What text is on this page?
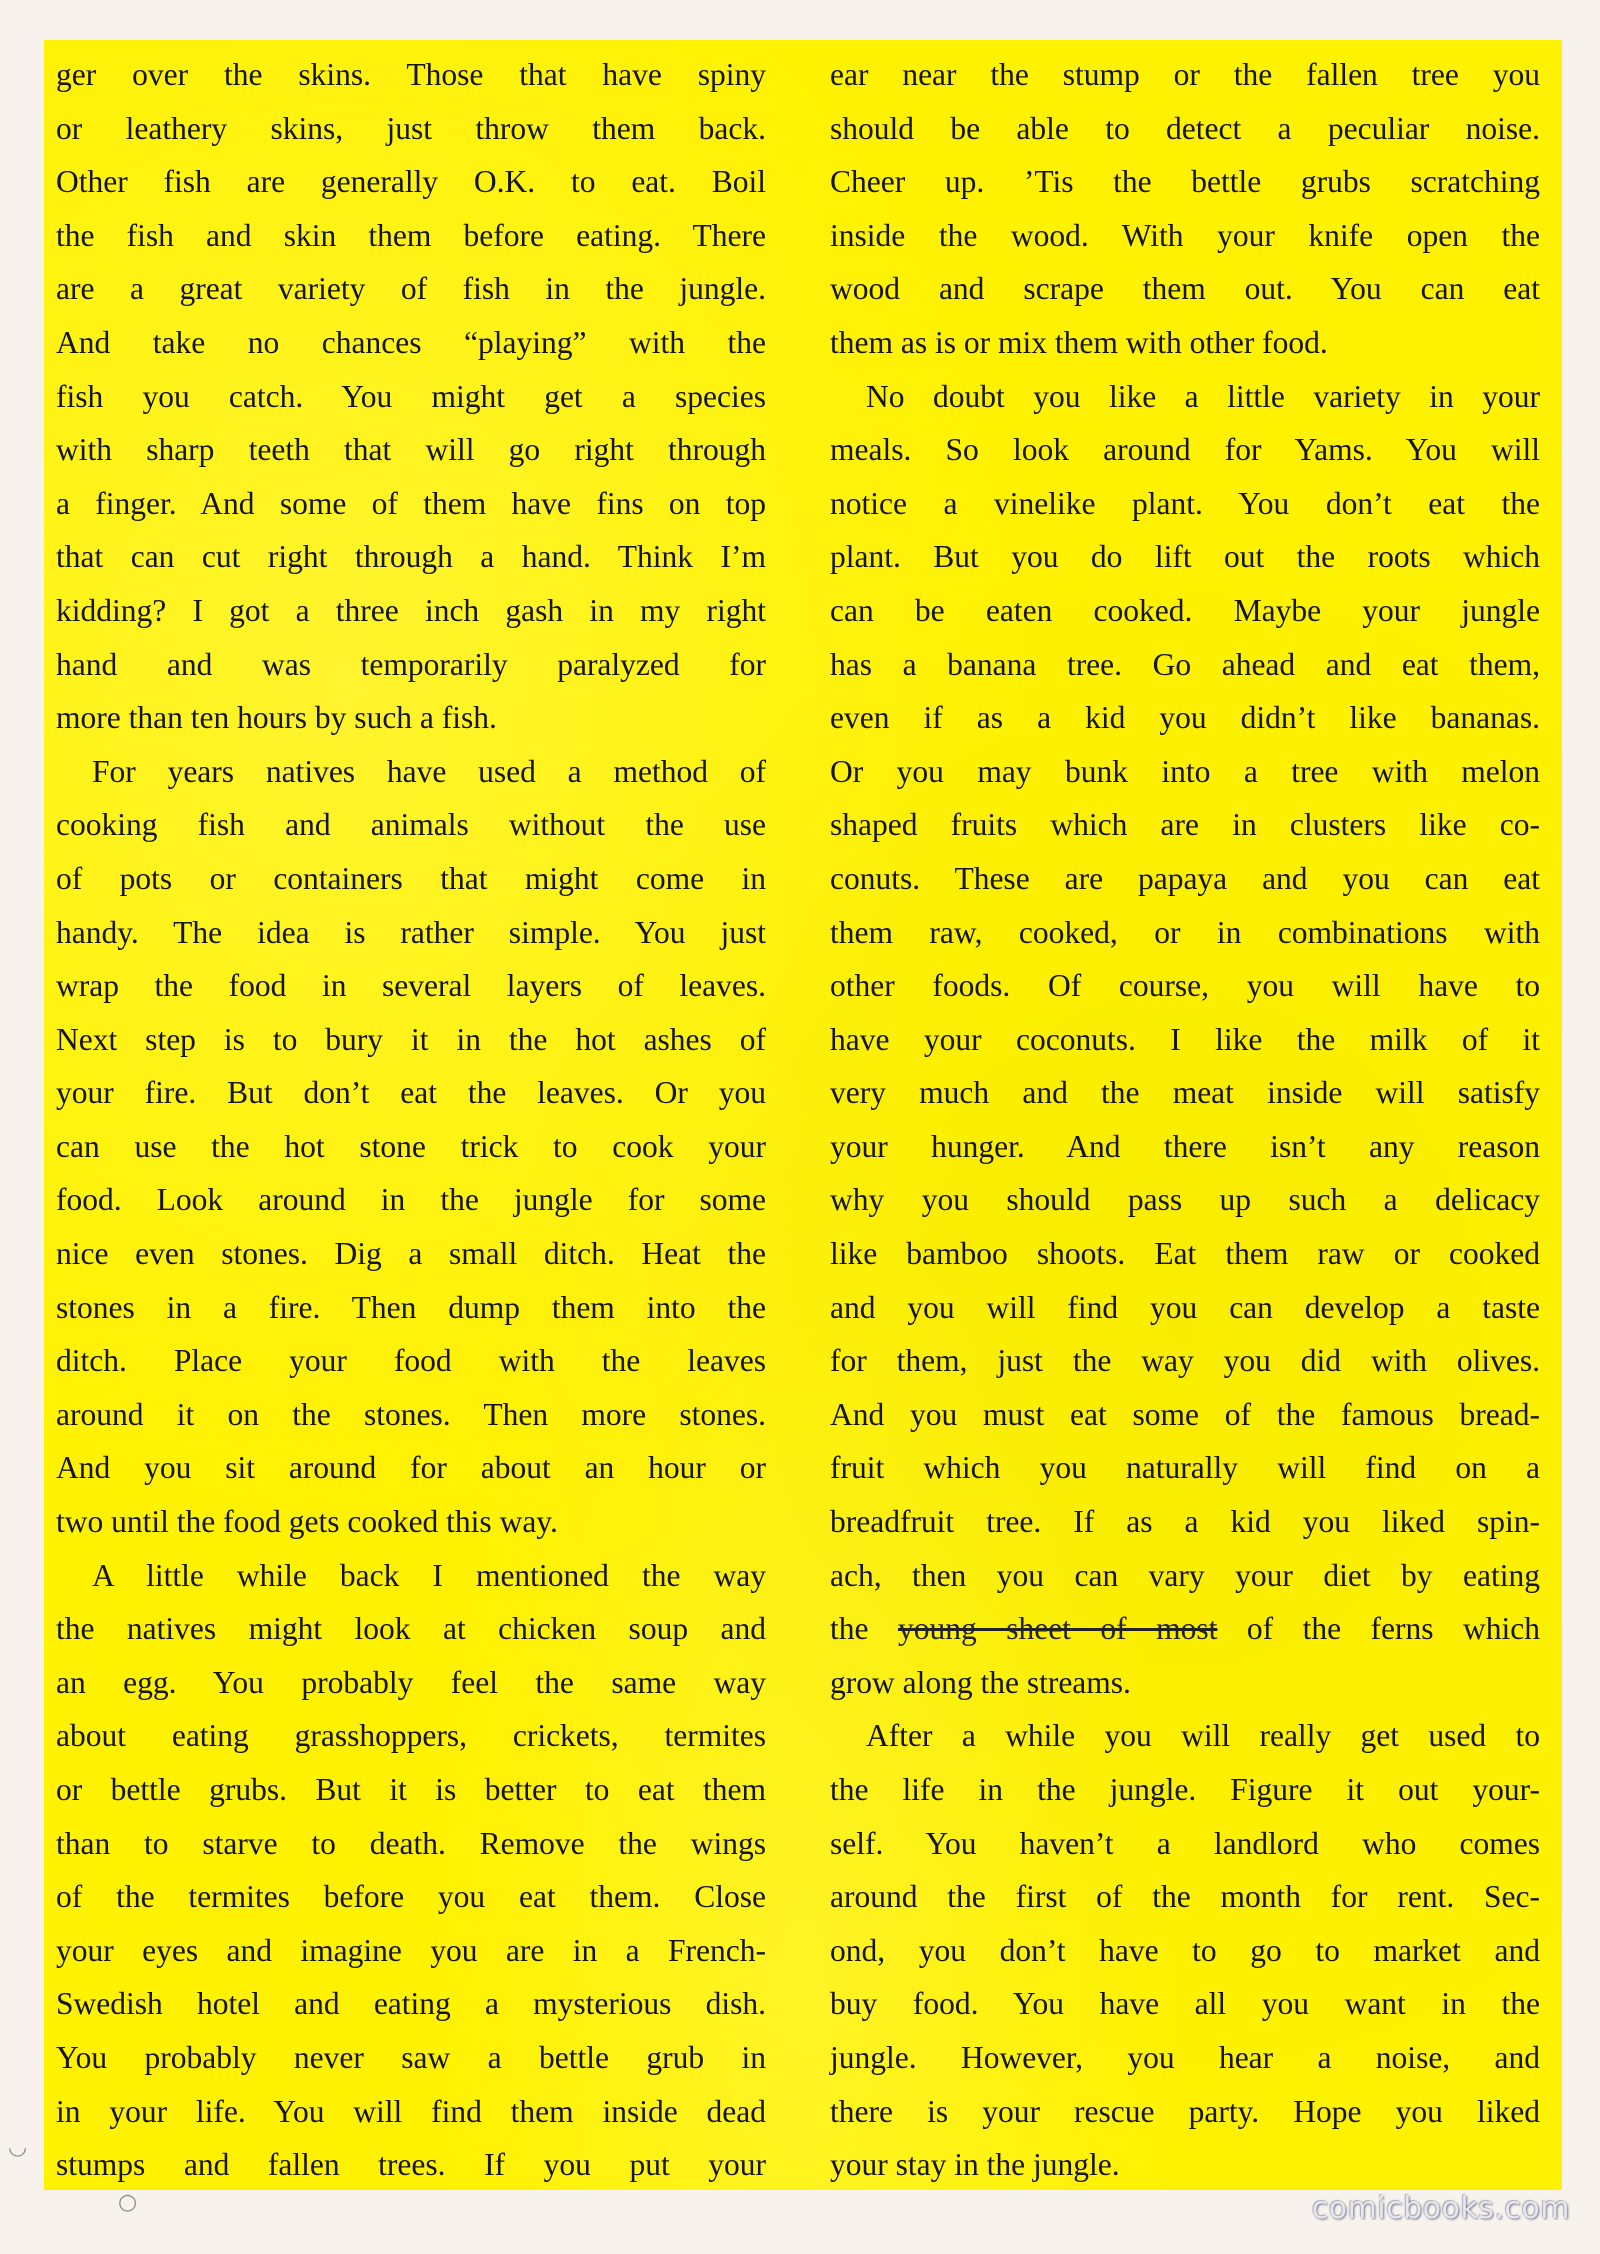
ger over the skins. Those that have spiny
or leathery skins, just throw them back.
Other fish are generally O.K. to eat. Boil
the fish and skin them before eating. There
are a great variety of fish in the jungle.
And take no chances “playing” with the
fish you catch. You might get a species
with sharp teeth that will go right through
a finger. And some of them have fins on top
that can cut right through a hand. Think I’m
kidding? I got a three inch gash in my right
hand and was temporarily paralyzed for
more than ten hours by such a fish.
For years natives have used a method of
cooking fish and animals without the use
of pots or containers that might come in
handy. The idea is rather simple. You just
wrap the food in several layers of leaves.
Next step is to bury it in the hot ashes of
your fire. But don’t eat the leaves. Or you
can use the hot stone trick to cook your
food. Look around in the jungle for some
nice even stones. Dig a small ditch. Heat the
stones in a fire. Then dump them into the
ditch. Place your food with the leaves
around it on the stones. Then more stones.
And you sit around for about an hour or
two until the food gets cooked this way.
A little while back I mentioned the way
the natives might look at chicken soup and
an egg. You probably feel the same way
about eating grasshoppers, crickets, termites
or bettle grubs. But it is better to eat them
than to starve to death. Remove the wings
of the termites before you eat them. Close
your eyes and imagine you are in a French-
Swedish hotel and eating a mysterious dish.
You probably never saw a bettle grub in
in your life. You will find them inside dead
stumps and fallen trees. If you put your
ear near the stump or the fallen tree you
should be able to detect a peculiar noise.
Cheer up. ’Tis the bettle grubs scratching
inside the wood. With your knife open the
wood and scrape them out. You can eat
them as is or mix them with other food.
No doubt you like a little variety in your
meals. So look around for Yams. You will
notice a vinelike plant. You don’t eat the
plant. But you do lift out the roots which
can be eaten cooked. Maybe your jungle
has a banana tree. Go ahead and eat them,
even if as a kid you didn’t like bananas.
Or you may bunk into a tree with melon
shaped fruits which are in clusters like co-
conuts. These are papaya and you can eat
them raw, cooked, or in combinations with
other foods. Of course, you will have to
have your coconuts. I like the milk of it
very much and the meat inside will satisfy
your hunger. And there isn’t any reason
why you should pass up such a delicacy
like bamboo shoots. Eat them raw or cooked
and you will find you can develop a taste
for them, just the way you did with olives.
And you must eat some of the famous bread-
fruit which you naturally will find on a
breadfruit tree. If as a kid you liked spin-
ach, then you can vary your diet by eating
the young sheet of most of the ferns which
grow along the streams.
After a while you will really get used to
the life in the jungle. Figure it out your-
self. You haven’t a landlord who comes
around the first of the month for rent. Sec-
ond, you don’t have to go to market and
buy food. You have all you want in the
jungle. However, you hear a noise, and
there is your rescue party. Hope you liked
your stay in the jungle.
○
◡
comicbooks.com
